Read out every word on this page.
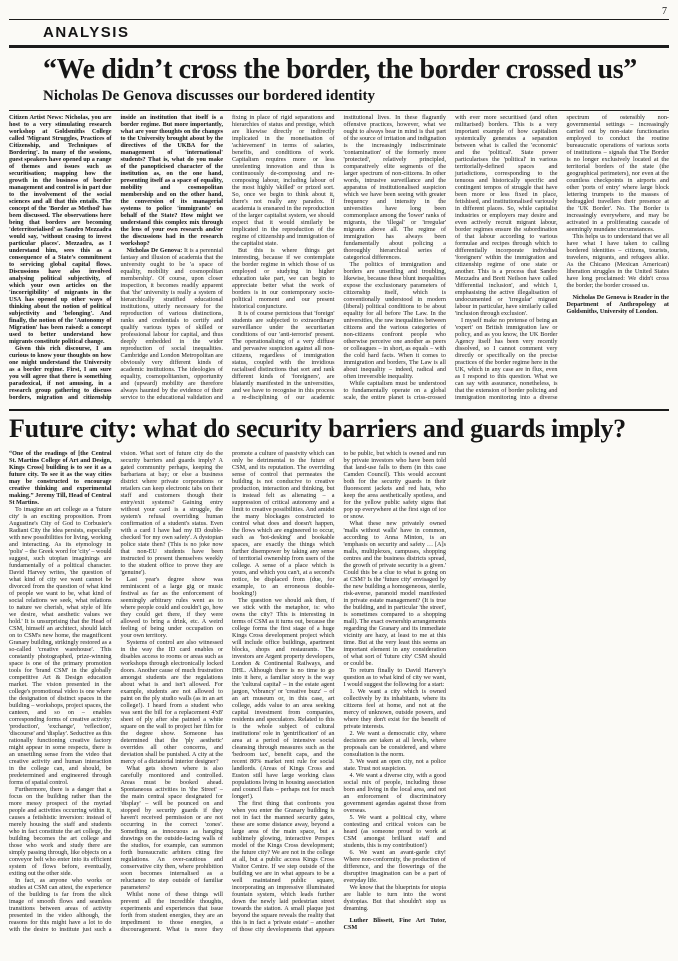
7
ANALYSIS
“We didn’t cross the border, the border crossed us”
Nicholas De Genova discusses our bordered identity

Citizen Artist News: Nicholas, you are host to a very stimulating research workshop at Goldsmiths College called 'Migrant Struggles, Practices of Citizenship, and Techniques of Bordering'. In many of the sessions, guest speakers have opened up a range of themes and issues such as securitisation; mapping how the growth in the business of border management and control is in part due to the involvement of the social sciences and all that this entails. The concept of the 'Border as Method' has been discussed. The observations here being that borders are becoming 'deterritorialised' as Sandro Mezzadra would say, 'without ceasing to invest particular places'. Mezzadra, as I understand him, sees this as a consequence of a State's commitment to servicing global capital flows. Discussions have also involved analysing political subjectivity, of which your own articles on the 'incorrigibility' of migrants in the USA has opened up other ways of thinking about the notion of political subjectivity and 'belonging'. And finally, the notion of the 'Autonomy of Migration' has been raised: a concept used to better understand how migrants constitute political change.

Given this rich discourse, I am curious to know your thoughts on how one might understand the University as a border regime. First, I am sure you will agree that there is something paradoxical, if not amusing, in a research group gathering to discuss borders, migration and citizenship inside an institution that itself is a border regime. But more importantly, what are your thoughts on the changes to the University brought about by the directives of the UKBA for the management of 'international' students? That is, what do you make of the panopticised character of the institution as, on the one hand, presenting itself as a space of equality, mobility and cosmopolitan membership and on the other hand, the conversion of its managerial systems to police 'immigrants' on behalf of the State? How might we understand this complex mix through the lens of your own research and/or the discussions had in the research workshop?

Nicholas De Genova: It is a perennial fantasy and illusion of academia that the university ought to be 'a space of equality, mobility and cosmopolitan membership'. Of course, upon closer inspection, it becomes readily apparent that 'the' university is really a system of hierarchically stratified educational institutions, utterly necessary for the reproduction of various distinctions, ranks and credentials to certify and qualify various types of skilled or professional labour for capital, and thus deeply embedded in the wider reproduction of social inequalities. Cambridge and London Metropolitan are obviously very different kinds of academic institutions. The ideologies of equality, cosmopolitanism, opportunity and (upward) mobility are therefore always haunted by the evidence of their service to the educational validation and fixing in place of rigid separations and hierarchies of status and prestige, which are likewise directly or indirectly implicated in the monetisation of 'achievement' in terms of salaries, benefits, and conditions of work. Capitalism requires more or less unrelenting innovation and thus is continuously de-composing and re-composing labour, including labour of the most highly 'skilled' or prized sort. So, once we begin to think about it, there's not really any paradox. If academia is ensnared in the reproduction of the larger capitalist system, we should expect that it would similarly be implicated in the reproduction of the regime of citizenship and immigration of the capitalist state.

But this is where things get interesting, because if we contemplate the border regime in which those of us employed or studying in higher education take part, we can begin to appreciate better what the work of borders is in our contemporary socio-political moment and our present historical conjuncture.

It is of course pernicious that 'foreign' students are subjected to extraordinary surveillance under the securitarian conditions of our 'anti-terrorist' present. The operationalising of a very diffuse and pervasive suspicion against all non-citizens, regardless of immigration status, coupled with the invidious racialised distinctions that sort and rank different kinds of 'foreigners', are blatantly manifested in the universities, and we have to recognise in this process a re-disciplining of our academic institutional lives. In these flagrantly offensive practices, however, what we ought to always bear in mind is that part of the source of irritation and indignation is the increasingly indiscriminate 'contamination' of the formerly more 'protected', relatively principled, comparatively elite segments of the larger spectrum of non-citizens. In other words, intrusive surveillance and the apparatus of institutionalised suspicion which we have been seeing with greater frequency and intensity in the universities have long been commonplace among the 'lower' ranks of migrants, the 'illegal' or 'irregular' migrants above all. The regime of immigration has always been fundamentally about policing a thoroughly hierarchical series of categorical differences.

The politics of immigration and borders are unsettling and troubling, likewise, because these blunt inequalities expose the exclusionary parameters of citizenship itself, which is conventionally understood in modern (liberal) political conditions to be about equality for all before The Law. In the universities, the raw inequalities between citizens and the various categories of non-citizens confront people who otherwise perceive one another as peers or colleagues – in short, as equals – with the cold hard facts. When it comes to immigration and borders, The Law is all about inequality – indeed, radical and often irreversible inequality.

While capitalism must be understood to fundamentally operate on a global scale, the entire planet is criss-crossed with ever more securitised (and often militarised) borders. This is a very important example of how capitalism systemically generates a separation between what is called the 'economic' and the 'political'. State power particularises the 'political' in various territorially-defined spaces and jurisdictions, corresponding to the tenuous and historically specific and contingent tempos of struggle that have been more or less fixed in place, fetishised, and institutionalised variously in different places. So, while capitalist industries or employers may desire and even actively recruit migrant labour, border regimes ensure the subordination of that labour according to various formulae and recipes through which to differentially incorporate individual 'foreigners' within the immigration and citizenship regime of one state or another. This is a process that Sandro Mezzadra and Brett Neilson have called 'differential inclusion', and which I, emphasising the active illegalisation of undocumented or 'irregular' migrant labour in particular, have similarly called 'inclusion through exclusion'.

I myself make no pretense of being an 'expert' on British immigration law or policy, and as you know, the UK Border Agency itself has been very recently dissolved, so I cannot comment very directly or specifically on the precise practices of the border regime here in the UK, which in any case are in flux, even as I respond to this question. What we can say with assurance, nonetheless, is that the extension of border policing and immigration monitoring into a diverse spectrum of ostensibly non-governmental settings – increasingly carried out by non-state functionaries employed to conduct the routine bureaucratic operations of various sorts of institutions – signals that The Border is no longer exclusively located at the territorial borders of the state (the geographical perimeters), nor even at the countless checkpoints in airports and other 'ports of entry' where large block lettering trumpets to the masses of bedraggled travellers their presence at the 'UK Border'. No. The Border is increasingly everywhere, and may be activated in a proliferating cascade of seemingly mundane circumstances.

This helps us to understand that we all have what I have taken to calling bordered identities – citizens, tourists, travelers, migrants, and refugees alike. As the Chicano (Mexican American) liberation struggles in the United States have long proclaimed: We didn't cross the border; the border crossed us.

Nicholas De Genova is Reader in the Department of Anthropology at Goldsmiths, University of London.

Future city: what do security barriers and guards imply?

“One of the readings of [the Central St. Martins College of Art and Design, Kings Cross] building is to see it as a future city. To see it as the way cities may be constructed to encourage creative thinking and experimental making.” Jeremy Till, Head of Central St Martins.

To imagine an art college as a 'future city' is an exciting proposition. From Augustine's City of God to Corbusier's Radiant City the idea persists, especially with new possibilities for living, working and interacting. As its etymology in 'polis' – the Greek word for 'city' – would suggest, such utopian imaginings are fundamentally of a political character. David Harvey writes, 'the question of what kind of city we want cannot be divorced from the question of what kind of people we want to be, what kind of social relations we seek, what relations to nature we cherish, what style of life we desire, what aesthetic values we hold.' It is unsurprising that the Head of CSM, himself an architect, should latch on to CSM's new home, the magnificent Granary building, strikingly restored as a so-called 'creative warehouse'. This constantly photographed, prize-winning space is one of the primary promotion tools for 'brand CSM' in the globally competitive Art & Design education market. The vision presented in the college's promotional video is one where the designation of distinct spaces in the building – workshops, project spaces, the canteen, and so on – enables corresponding forms of creative activity: 'production', 'exchange', 'reflection', 'discourse' and 'display'. Seductive as this rationally functioning creative factory might appear in some respects, there is an unsettling sense from the video that creative activity and human interaction in the college can, and should, be predetermined and engineered through forms of spatial control.

Furthermore, there is a danger that a focus on the building rather than the more messy prospect of the myriad people and activities occurring within it, causes a fetishistic inversion: instead of merely housing the staff and students who in fact constitute the art college, the building becomes the art college and those who work and study there are simply passing through, like objects on a conveyor belt who enter into its efficient system of flows before, eventually, exiting out the other side.

In fact, as anyone who works or studies at CSM can attest, the experience of the building is far from the slick image of smooth flows and seamless transitions between areas of activity presented in the video although, the reasons for this might have a lot to do with the desire to institute just such a vision. What sort of future city do the security barriers and guards imply? A gated community perhaps, keeping the barbarians at bay; or else a business district where private corporations or retailers can keep electronic tabs on their staff and customers though their entry/exit systems? Gaining entry without your card is a struggle, the system's refusal overriding human confirmation of a student's status. Even with a card I have had my ID double-checked 'for my own safety'. A dystopian police state then? (This is no joke now that non-EU students have been instructed to present themselves weekly to the student office to prove they are 'genuine').

Last year's degree show was reminiscent of a large gig or music festival as far as the enforcement of seemingly arbitrary rules went as to where people could and couldn't go, how they could get there, if they were allowed to bring a drink, etc. A weird feeling of being under occupation on your own territory.

Systems of control are also witnessed in the way the ID card enables or disables access to rooms or areas such as workshops through electronically locked doors. Another cause of much frustration amongst students are the regulations about what is and isn't allowed. For example, students are not allowed to paint on the ply studio walls (as in an art college!). I heard from a student who was sent the bill for a replacement 4'x8' sheet of ply after she painted a white square on the wall to project her film for the degree show. Someone has determined that the 'ply aesthetic' overrides all other concerns, and deviation shall be punished. A city at the mercy of a dictatorial interior designer?

What gets shown where is also carefully monitored and controlled. Areas must be booked ahead. Spontaneous activities in 'the Street' – the main central space designated for 'display' – will be pounced on and stopped by security guards if they haven't received permission or are not occurring in the correct 'zones'. Something as innocuous as hanging drawings on the outside-facing walls of the studios, for example, can summon forth bureaucratic arbiters citing fire regulations. An over-cautious and conservative city then, where prohibition soon becomes internalised as a reluctance to step outside of familiar parameters?

Whilst none of these things will prevent all the incredible thoughts, experiments and experiences that issue forth from student energies, they are an impediment to those energies, a discouragement. What is more they promote a culture of passivity which can only be detrimental to the future of CSM, and its reputation. The overriding sense of control that permeates the building is not conducive to creative production, interaction and thinking, but is instead felt as alienating – a suppression of critical autonomy and a limit to creative possibilities. And amidst the many blockages constructed to control what does and doesn't happen, the flows which are engineered to occur, such as 'hot-desking' and bookable spaces, are exactly the things which further disempower by taking any sense of territorial ownership from users of the college. A sense of a place which is yours, and which you can't, at a second's notice, be displaced from (due, for example, to an erroneous double-booking!)

The question we should ask then, if we stick with the metaphor, is: who owns the city? This is interesting in terms of CSM as it turns out, because the college forms the first stage of a huge Kings Cross development project which will include office buildings, apartment blocks, shops and restaurants. The investors are Argent property developers, London & Continental Railways, and DHL. Although there is no time to go into it here, a familiar story is the way the 'cultural capital' – in the estate agent jargon, 'vibrancy' or 'creative buzz' – of an art museum or, in this case, art college, adds value to an area seeking capital investment from companies, residents and speculators. Related to this is the whole subject of cultural institutions' role in 'gentrification' of an area at a period of intensive social cleansing through measures such as the 'bedroom tax', benefit caps, and the recent 80% market rent rule for social landlords. (Areas of Kings Cross and Euston still have large working class populations living in housing association and council flats – perhaps not for much longer!).

The first thing that confronts you when you enter the Granary building is not in fact the manned security gates, these are some distance away, beyond a large area of the main space, but a sublimely glowing, interactive Perspex model of the Kings Cross development; the future city? We are not in the college at all, but a public access Kings Cross Visitor Centre. If we step outside of the building we are in what appears to be a well maintained public square, incorporating an impressive illuminated fountain system, which leads further down the newly laid pedestrian street towards the station. A small plaque just beyond the square reveals the reality that this is in fact a 'private estate' – another of those city developments that appears to be public, but which is owned and run by private investors who have been told that land-use falls to them (in this case Camden Council). This would account both for the security guards in their fluorescent jackets and red hats, who keep the area aesthetically spotless, and for the yellow public safety signs that pop up everywhere at the first sign of ice or snow.

What these new privately owned 'malls without walls' have in common, according to Anna Minton, is an 'emphasis on security and safety … [A]s malls, multiplexes, campuses, shopping centres and the business districts spread, the growth of private security is a given.' Could this be a clue to what is going on at CSM? Is the 'future city' envisaged by the new building a homogeneous, sterile, risk-averse, paranoid model manifested in private estate management? (It is true the building, and in particular 'the street', is sometimes compared to a shopping mall). The exact ownership arrangements regarding the Granary and its immediate vicinity are hazy, at least to me at this time. But at the very least this seems an important element in any consideration of what sort of 'future city' CSM should or could be.

To return finally to David Harvey's question as to what kind of city we want, I would suggest the following for a start:

1. We want a city which is owned collectively by its inhabitants, where its citizens feel at home, and not at the mercy of unknown, outside powers, and where they don't exist for the benefit of private interests.

2. We want a democratic city, where decisions are taken at all levels, where proposals can be considered, and where consultation is the norm.

3. We want an open city, not a police state. Trust not suspicion.

4. We want a diverse city, with a good social mix of people, including those born and living in the local area, and not an enforcement of discriminatory government agendas against those from overseas.

5. We want a political city, where contesting and critical voices can be heard (as someone proud to work at CSM amongst brilliant staff and students, this is my contribution!)

6. We want an avant-garde city! Where non-conformity, the production of difference, and the flowerings of the disruptive imagination can be a part of everyday life.

We know that the blueprints for utopia are liable to turn into the worst dystopias. But that shouldn't stop us dreaming.

Luther Blissett, Fine Art Tutor, CSM
